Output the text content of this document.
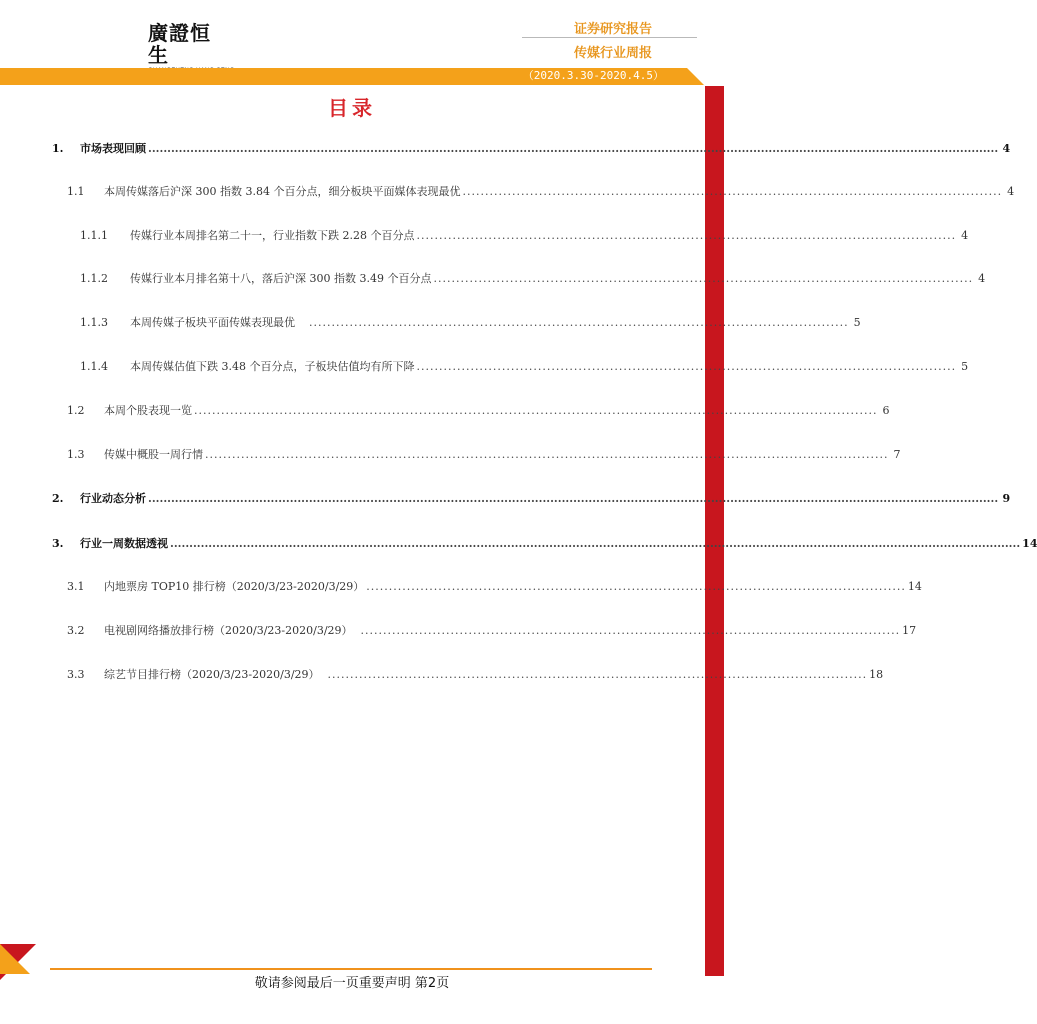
廣證恒生
证券研究报告
传媒行业周报
（2020.3.30-2020.4.5）
目录
1.	市场表现回顾 .............................................................................................................................................................................................................................. 4
1.1	本周传媒落后沪深 300 指数 3.84 个百分点，细分板块平面媒体表现最优 ........................................................................................................................ 4
1.1.1	传媒行业本周排名第二十一，行业指数下跌 2.28 个百分点 ........................................................................................................................ 4
1.1.2	传媒行业本月排名第十八，落后沪深 300 指数 3.49 个百分点 ........................................................................................................................ 4
1.1.3	本周传媒子板块平面传媒表现最优 ........................................................................................................................ 5
1.1.4	本周传媒估值下跌 3.48 个百分点，子板块估值均有所下降 ........................................................................................................................ 5
1.2	本周个股表现一览 ........................................................................................................................................................ 6
1.3	传媒中概股一周行情 ........................................................................................................................................................ 7
2.	行业动态分析 .............................................................................................................................................................................................................................. 9
3.	行业一周数据透视 .............................................................................................................................................................................................................................. 14
3.1	内地票房 TOP10 排行榜（2020/3/23-2020/3/29） ........................................................................................................................ 14
3.2	电视剧网络播放排行榜（2020/3/23-2020/3/29） ........................................................................................................................ 17
3.3	综艺节目排行榜（2020/3/23-2020/3/29） ........................................................................................................................ 18
敬请参阅最后一页重要声明 第2页
